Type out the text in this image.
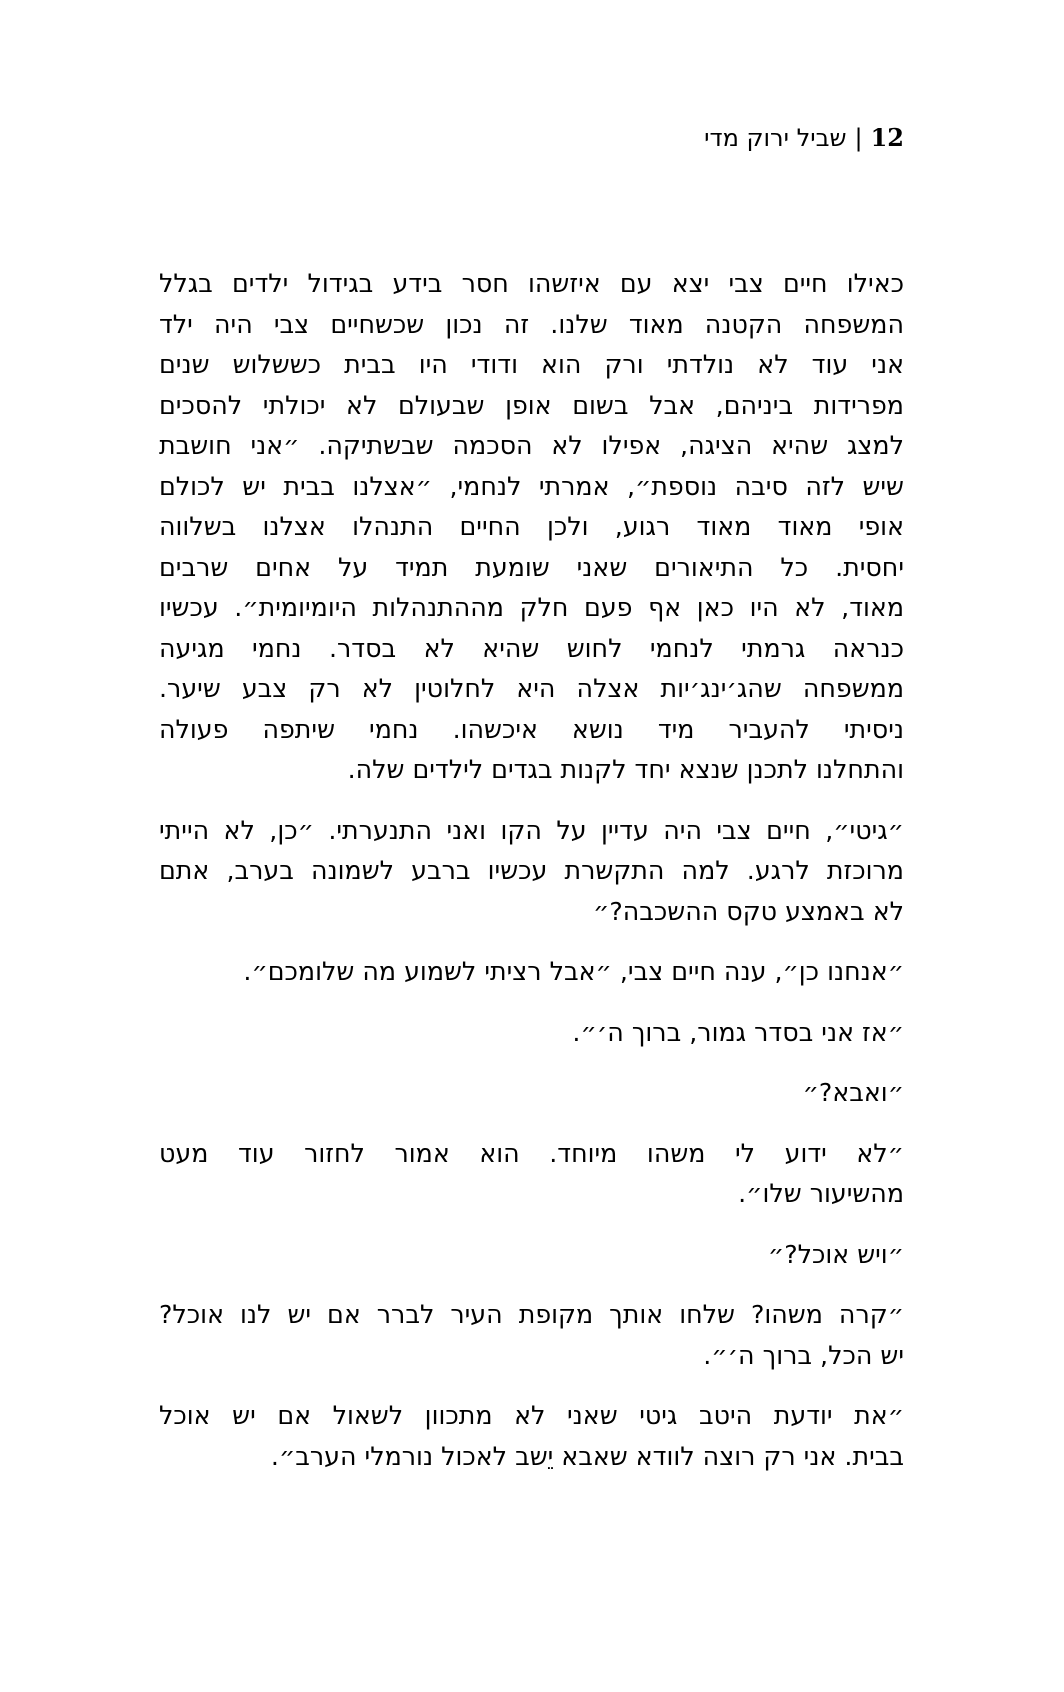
12|שביל ירוק מדי
כאילו חיים צבי יצא עם איזשהו חסר בידע בגידול ילדים בגלל
המשפחה הקטנה מאוד שלנו. זה נכון שכשחיים צבי היה ילד
אני עוד לא נולדתי ורק הוא ודודי היו בבית כששלוש שנים
מפרידות ביניהם, אבל בשום אופן שבעולם לא יכולתי להסכים
למצג שהיא הציגה, אפילו לא הסכמה שבשתיקה. ״אני חושבת
שיש לזה סיבה נוספת״, אמרתי לנחמי, ״אצלנו בבית יש לכולם
אופי מאוד מאוד רגוע, ולכן החיים התנהלו אצלנו בשלווה
יחסית. כל התיאורים שאני שומעת תמיד על אחים שרבים
מאוד, לא היו כאן אף פעם חלק מההתנהלות היומיומית״. עכשיו
כנראה גרמתי לנחמי לחוש שהיא לא בסדר. נחמי מגיעה
ממשפחה שהג׳ינג׳יות אצלה היא לחלוטין לא רק צבע שיער.
ניסיתי להעביר מיד נושא איכשהו. נחמי שיתפה פעולה
והתחלנו לתכנן שנצא יחד לקנות בגדים לילדים שלה.
״גיטי״, חיים צבי היה עדיין על הקו ואני התנערתי. ״כן, לא הייתי
מרוכזת לרגע. למה התקשרת עכשיו ברבע לשמונה בערב, אתם
לא באמצע טקס ההשכבה?״
״אנחנו כן״, ענה חיים צבי, ״אבל רציתי לשמוע מה שלומכם״.
״אז אני בסדר גמור, ברוך ה׳״.
״ואבא?״
״לא ידוע לי משהו מיוחד. הוא אמור לחזור עוד מעט
מהשיעור שלו״.
״ויש אוכל?״
״קרה משהו? שלחו אותך מקופת העיר לברר אם יש לנו אוכל?
יש הכל, ברוך ה׳״.
״את יודעת היטב גיטי שאני לא מתכוון לשאול אם יש אוכל
בבית. אני רק רוצה לוודא שאבא יֵשב לאכול נורמלי הערב״.
